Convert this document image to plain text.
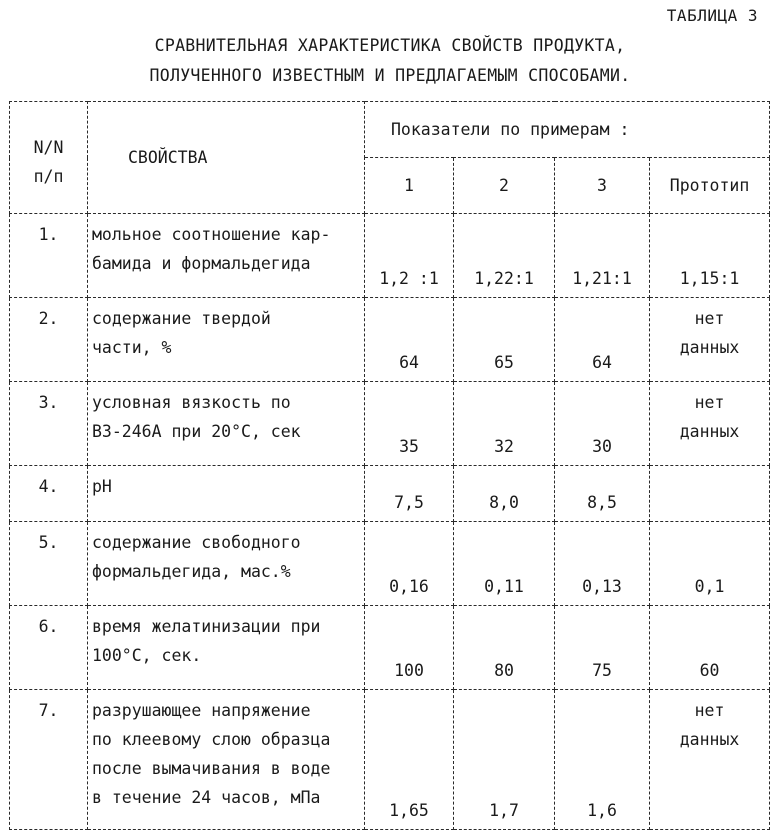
ТАБЛИЦА 3
СРАВНИТЕЛЬНАЯ ХАРАКТЕРИСТИКА СВОЙСТВ ПРОДУКТА,
ПОЛУЧЕННОГО ИЗВЕСТНЫМ И ПРЕДЛАГАЕМЫМ СПОСОБАМИ.
N/N
п/п	СВОЙСТВА	Показатели по примерам :			
		1	2	3	Прототип
1.	мольное соотношение кар-
бамида и формальдегида	1,2 :1	1,22:1	1,21:1	1,15:1

2.	содержание твердой
части, %	64	65	64	нет
данных

3.	условная вязкость по
ВЗ-246А при 20°С, сек	35	32	30	нет
данных

4.	рН	7,5	8,0	8,5	
5.	содержание свободного
формальдегида, мас.%	0,16	0,11	0,13	0,1

6.	время желатинизации при
100°С, сек.	100	80	75	60

7.	разрушающее напряжение
по клеевому слою образца
после вымачивания в воде
в течение 24 часов, мПа	1,65	1,7	1,6	нет
данных
